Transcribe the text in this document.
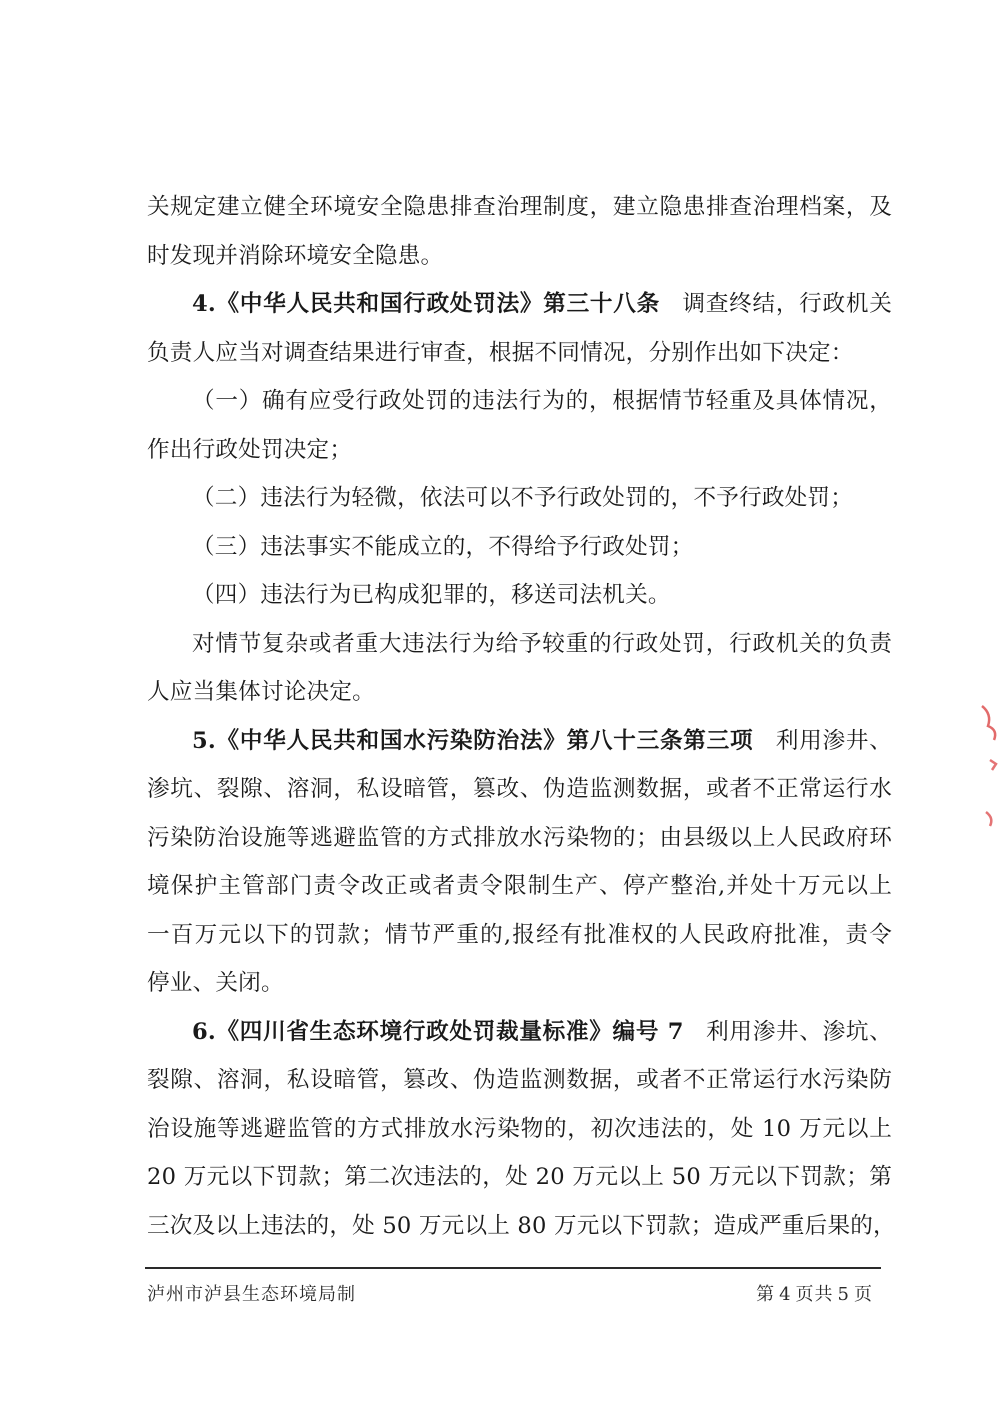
关规定建立健全环境安全隐患排查治理制度，建立隐患排查治理档案，及

时发现并消除环境安全隐患。

4.《中华人民共和国行政处罚法》第三十八条 调查终结，行政机关

负责人应当对调查结果进行审查，根据不同情况，分别作出如下决定：

（一）确有应受行政处罚的违法行为的，根据情节轻重及具体情况，

作出行政处罚决定；

（二）违法行为轻微，依法可以不予行政处罚的，不予行政处罚；

（三）违法事实不能成立的，不得给予行政处罚；

（四）违法行为已构成犯罪的，移送司法机关。

对情节复杂或者重大违法行为给予较重的行政处罚，行政机关的负责

人应当集体讨论决定。

5.《中华人民共和国水污染防治法》第八十三条第三项 利用渗井、

渗坑、裂隙、溶洞，私设暗管，篡改、伪造监测数据，或者不正常运行水

污染防治设施等逃避监管的方式排放水污染物的；由县级以上人民政府环

境保护主管部门责令改正或者责令限制生产、停产整治,并处十万元以上

一百万元以下的罚款；情节严重的,报经有批准权的人民政府批准，责令

停业、关闭。

6.《四川省生态环境行政处罚裁量标准》编号 7 利用渗井、渗坑、

裂隙、溶洞，私设暗管，篡改、伪造监测数据，或者不正常运行水污染防

治设施等逃避监管的方式排放水污染物的，初次违法的，处 10 万元以上

20 万元以下罚款；第二次违法的，处 20 万元以上 50 万元以下罚款；第

三次及以上违法的，处 50 万元以上 80 万元以下罚款；造成严重后果的，

泸州市泸县生态环境局制	第 4 页共 5 页
